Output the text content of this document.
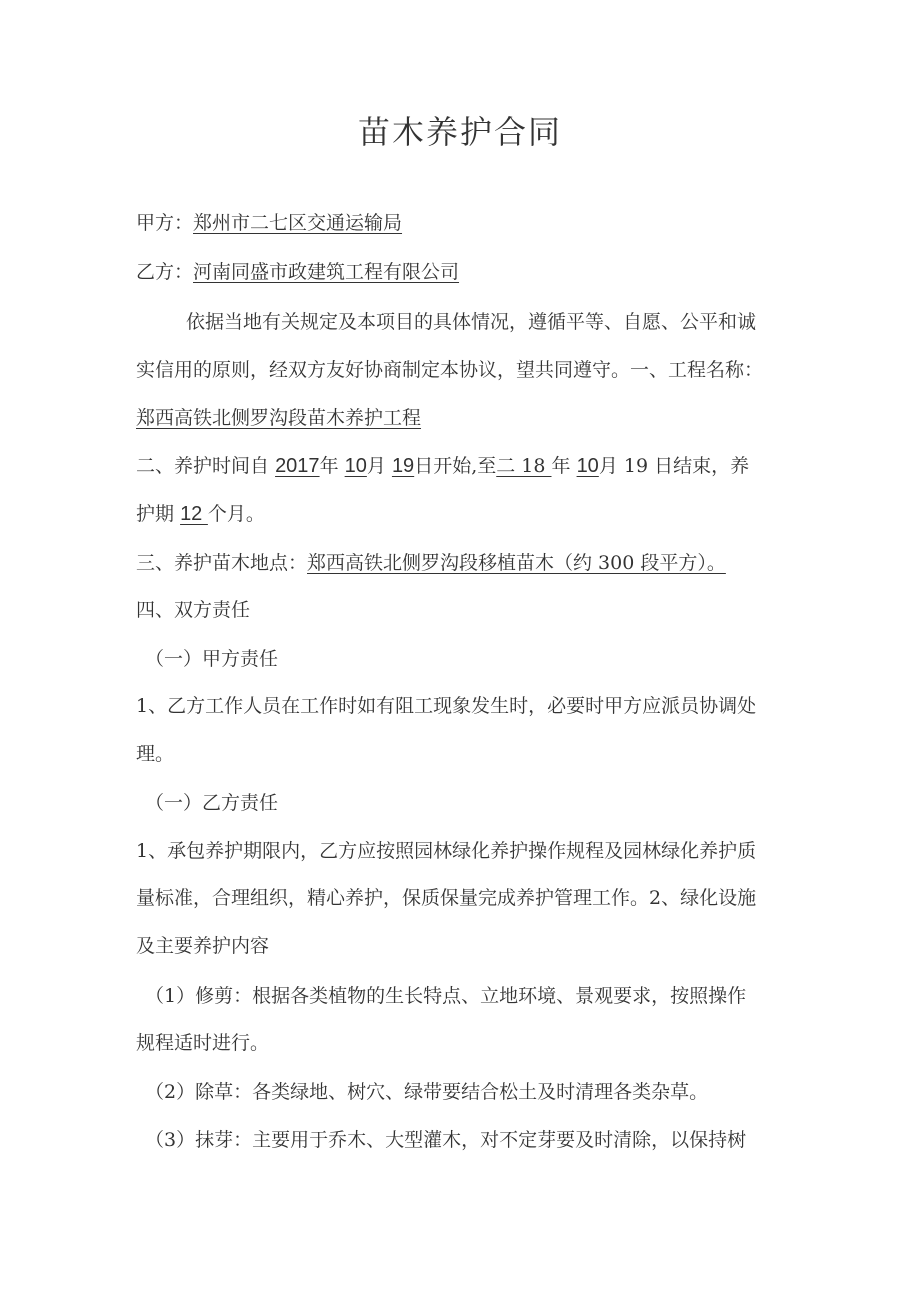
苗木养护合同
甲方：郑州市二七区交通运输局
乙方：河南同盛市政建筑工程有限公司
依据当地有关规定及本项目的具体情况，遵循平等、自愿、公平和诚
实信用的原则，经双方友好协商制定本协议，望共同遵守。一、工程名称：
郑西高铁北侧罗沟段苗木养护工程
二、养护时间自 2017年 10月 19日开始,至二 18 年 10月 19 日结束，养
护期 12 个月。
三、养护苗木地点：郑西高铁北侧罗沟段移植苗木（约 300 段平方）。
四、双方责任
（一）甲方责任
1、乙方工作人员在工作时如有阻工现象发生时，必要时甲方应派员协调处
理。
（一）乙方责任
1、承包养护期限内，乙方应按照园林绿化养护操作规程及园林绿化养护质
量标准，合理组织，精心养护，保质保量完成养护管理工作。2、绿化设施
及主要养护内容
（1）修剪：根据各类植物的生长特点、立地环境、景观要求，按照操作
规程适时进行。
（2）除草：各类绿地、树穴、绿带要结合松土及时清理各类杂草。
（3）抹芽：主要用于乔木、大型灌木，对不定芽要及时清除，以保持树
